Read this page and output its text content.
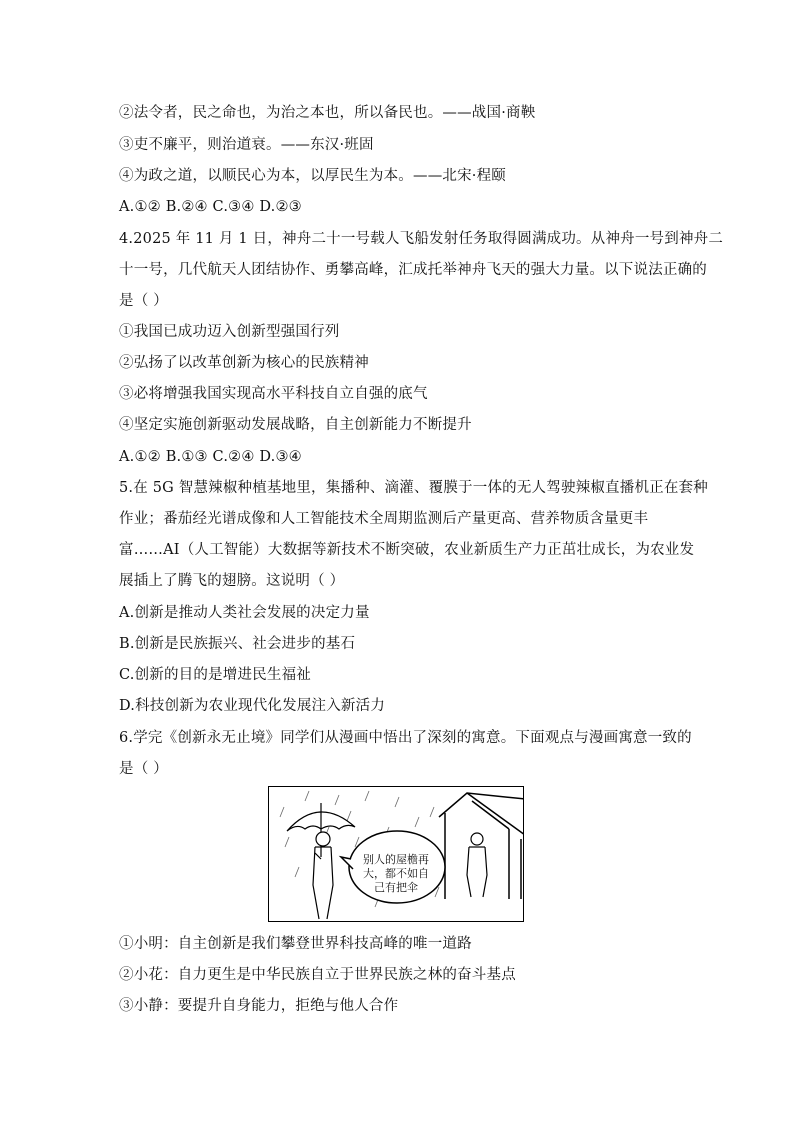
②法令者，民之命也，为治之本也，所以备民也。——战国·商鞅
③吏不廉平，则治道衰。——东汉·班固
④为政之道，以顺民心为本，以厚民生为本。——北宋·程颐
A.①② B.②④ C.③④ D.②③
4.2025 年 11 月 1 日，神舟二十一号载人飞船发射任务取得圆满成功。从神舟一号到神舟二
十一号，几代航天人团结协作、勇攀高峰，汇成托举神舟飞天的强大力量。以下说法正确的
是（ ）
①我国已成功迈入创新型强国行列
②弘扬了以改革创新为核心的民族精神
③必将增强我国实现高水平科技自立自强的底气
④坚定实施创新驱动发展战略，自主创新能力不断提升
A.①② B.①③ C.②④ D.③④
5.在 5G 智慧辣椒种植基地里，集播种、滴灌、覆膜于一体的无人驾驶辣椒直播机正在套种
作业；番茄经光谱成像和人工智能技术全周期监测后产量更高、营养物质含量更丰
富……AI（人工智能）大数据等新技术不断突破，农业新质生产力正茁壮成长，为农业发
展插上了腾飞的翅膀。这说明（ ）
A.创新是推动人类社会发展的决定力量
B.创新是民族振兴、社会进步的基石
C.创新的目的是增进民生福祉
D.科技创新为农业现代化发展注入新活力
6.学完《创新永无止境》同学们从漫画中悟出了深刻的寓意。下面观点与漫画寓意一致的
是（ ）
别人的屋檐再大，都不如自己有把伞
①小明：自主创新是我们攀登世界科技高峰的唯一道路
②小花：自力更生是中华民族自立于世界民族之林的奋斗基点
③小静：要提升自身能力，拒绝与他人合作
